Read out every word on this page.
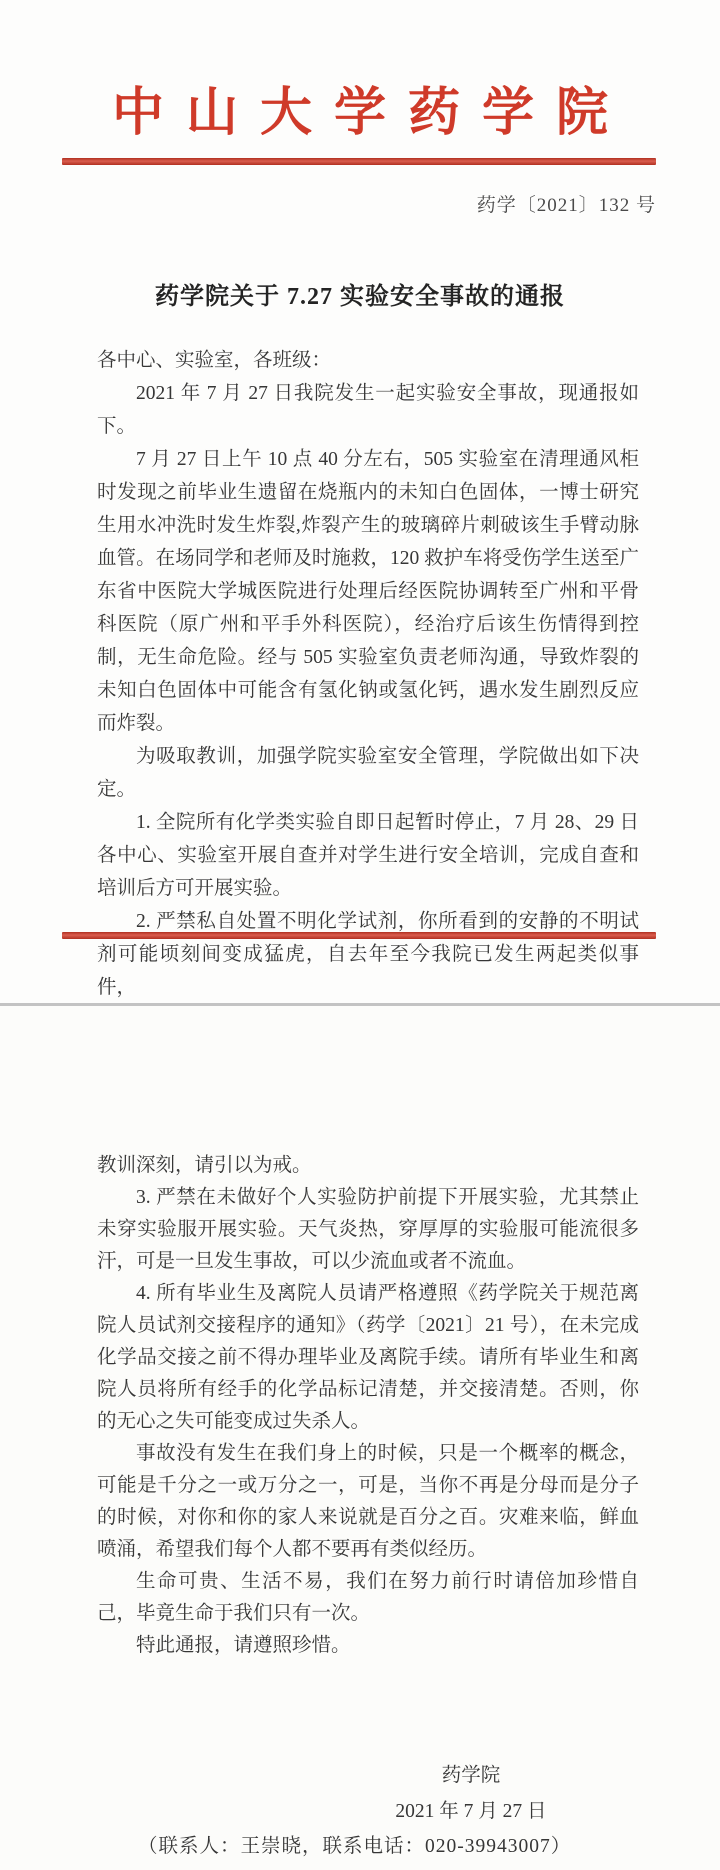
中山大学药学院
药学〔2021〕132 号
药学院关于 7.27 实验安全事故的通报

各中心、实验室，各班级：

2021 年 7 月 27 日我院发生一起实验安全事故，现通报如下。

7 月 27 日上午 10 点 40 分左右，505 实验室在清理通风柜时发现之前毕业生遗留在烧瓶内的未知白色固体，一博士研究生用水冲洗时发生炸裂,炸裂产生的玻璃碎片刺破该生手臂动脉血管。在场同学和老师及时施救，120 救护车将受伤学生送至广东省中医院大学城医院进行处理后经医院协调转至广州和平骨科医院（原广州和平手外科医院），经治疗后该生伤情得到控制，无生命危险。经与 505 实验室负责老师沟通，导致炸裂的未知白色固体中可能含有氢化钠或氢化钙，遇水发生剧烈反应而炸裂。

为吸取教训，加强学院实验室安全管理，学院做出如下决定。

1. 全院所有化学类实验自即日起暂时停止，7 月 28、29 日各中心、实验室开展自查并对学生进行安全培训，完成自查和培训后方可开展实验。

2. 严禁私自处置不明化学试剂，你所看到的安静的不明试剂可能顷刻间变成猛虎，自去年至今我院已发生两起类似事件，

教训深刻，请引以为戒。

3. 严禁在未做好个人实验防护前提下开展实验，尤其禁止未穿实验服开展实验。天气炎热，穿厚厚的实验服可能流很多汗，可是一旦发生事故，可以少流血或者不流血。

4. 所有毕业生及离院人员请严格遵照《药学院关于规范离院人员试剂交接程序的通知》（药学〔2021〕21 号），在未完成化学品交接之前不得办理毕业及离院手续。请所有毕业生和离院人员将所有经手的化学品标记清楚，并交接清楚。否则，你的无心之失可能变成过失杀人。

事故没有发生在我们身上的时候，只是一个概率的概念，可能是千分之一或万分之一，可是，当你不再是分母而是分子的时候，对你和你的家人来说就是百分之百。灾难来临，鲜血喷涌，希望我们每个人都不要再有类似经历。

生命可贵、生活不易，我们在努力前行时请倍加珍惜自己，毕竟生命于我们只有一次。

特此通报，请遵照珍惜。

药学院
2021 年 7 月 27 日

（联系人：王崇晓，联系电话：020-39943007）
